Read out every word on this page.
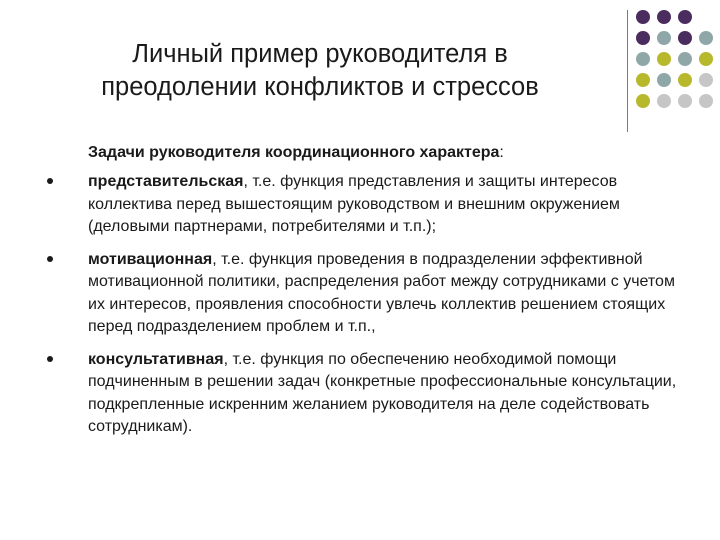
Личный пример руководителя в
преодолении конфликтов и стрессов
Задачи руководителя координационного характера:
представительская, т.е. функция представления и защиты интересов коллектива перед вышестоящим руководством и внешним окружением (деловыми партнерами, потребителями и т.п.);
мотивационная, т.е. функция проведения в подразделении эффективной мотивационной политики, распределения работ между сотрудниками с учетом их интересов, проявления способности увлечь коллектив решением стоящих перед подразделением проблем и т.п.,
консультативная, т.е. функция по обеспечению необходимой помощи подчиненным в решении задач (конкретные профессиональные консультации, подкрепленные искренним желанием руководителя на деле содействовать сотрудникам).
